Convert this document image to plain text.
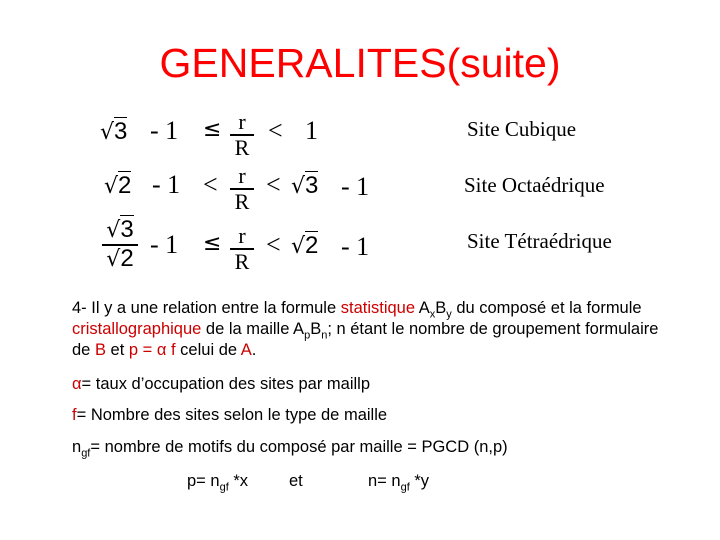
GENERALITES(suite)
√3 - 1 ≤ r
R
< 1	Site Cubique
√2 - 1 < r
R
< √3 - 1	Site Octaédrique
√3
√2 - 1 ≤ r
R
< √2 - 1	Site Tétraédrique
4- Il y a une relation entre la formule statistique $A_xB_y$ du composé et la formule cristallographique de la maille $A_pB_n$; n étant le nombre de groupement formulaire de B et p = α f celui de A.
α= taux d’occupation des sites par maillp
f= Nombre des sites selon le type de maille
$n_{gf}=$ nombre de motifs du composé par maille = PGCD (n,p)
$p= n_{gf}$ *x et	$n= n_{gf}$ *y
